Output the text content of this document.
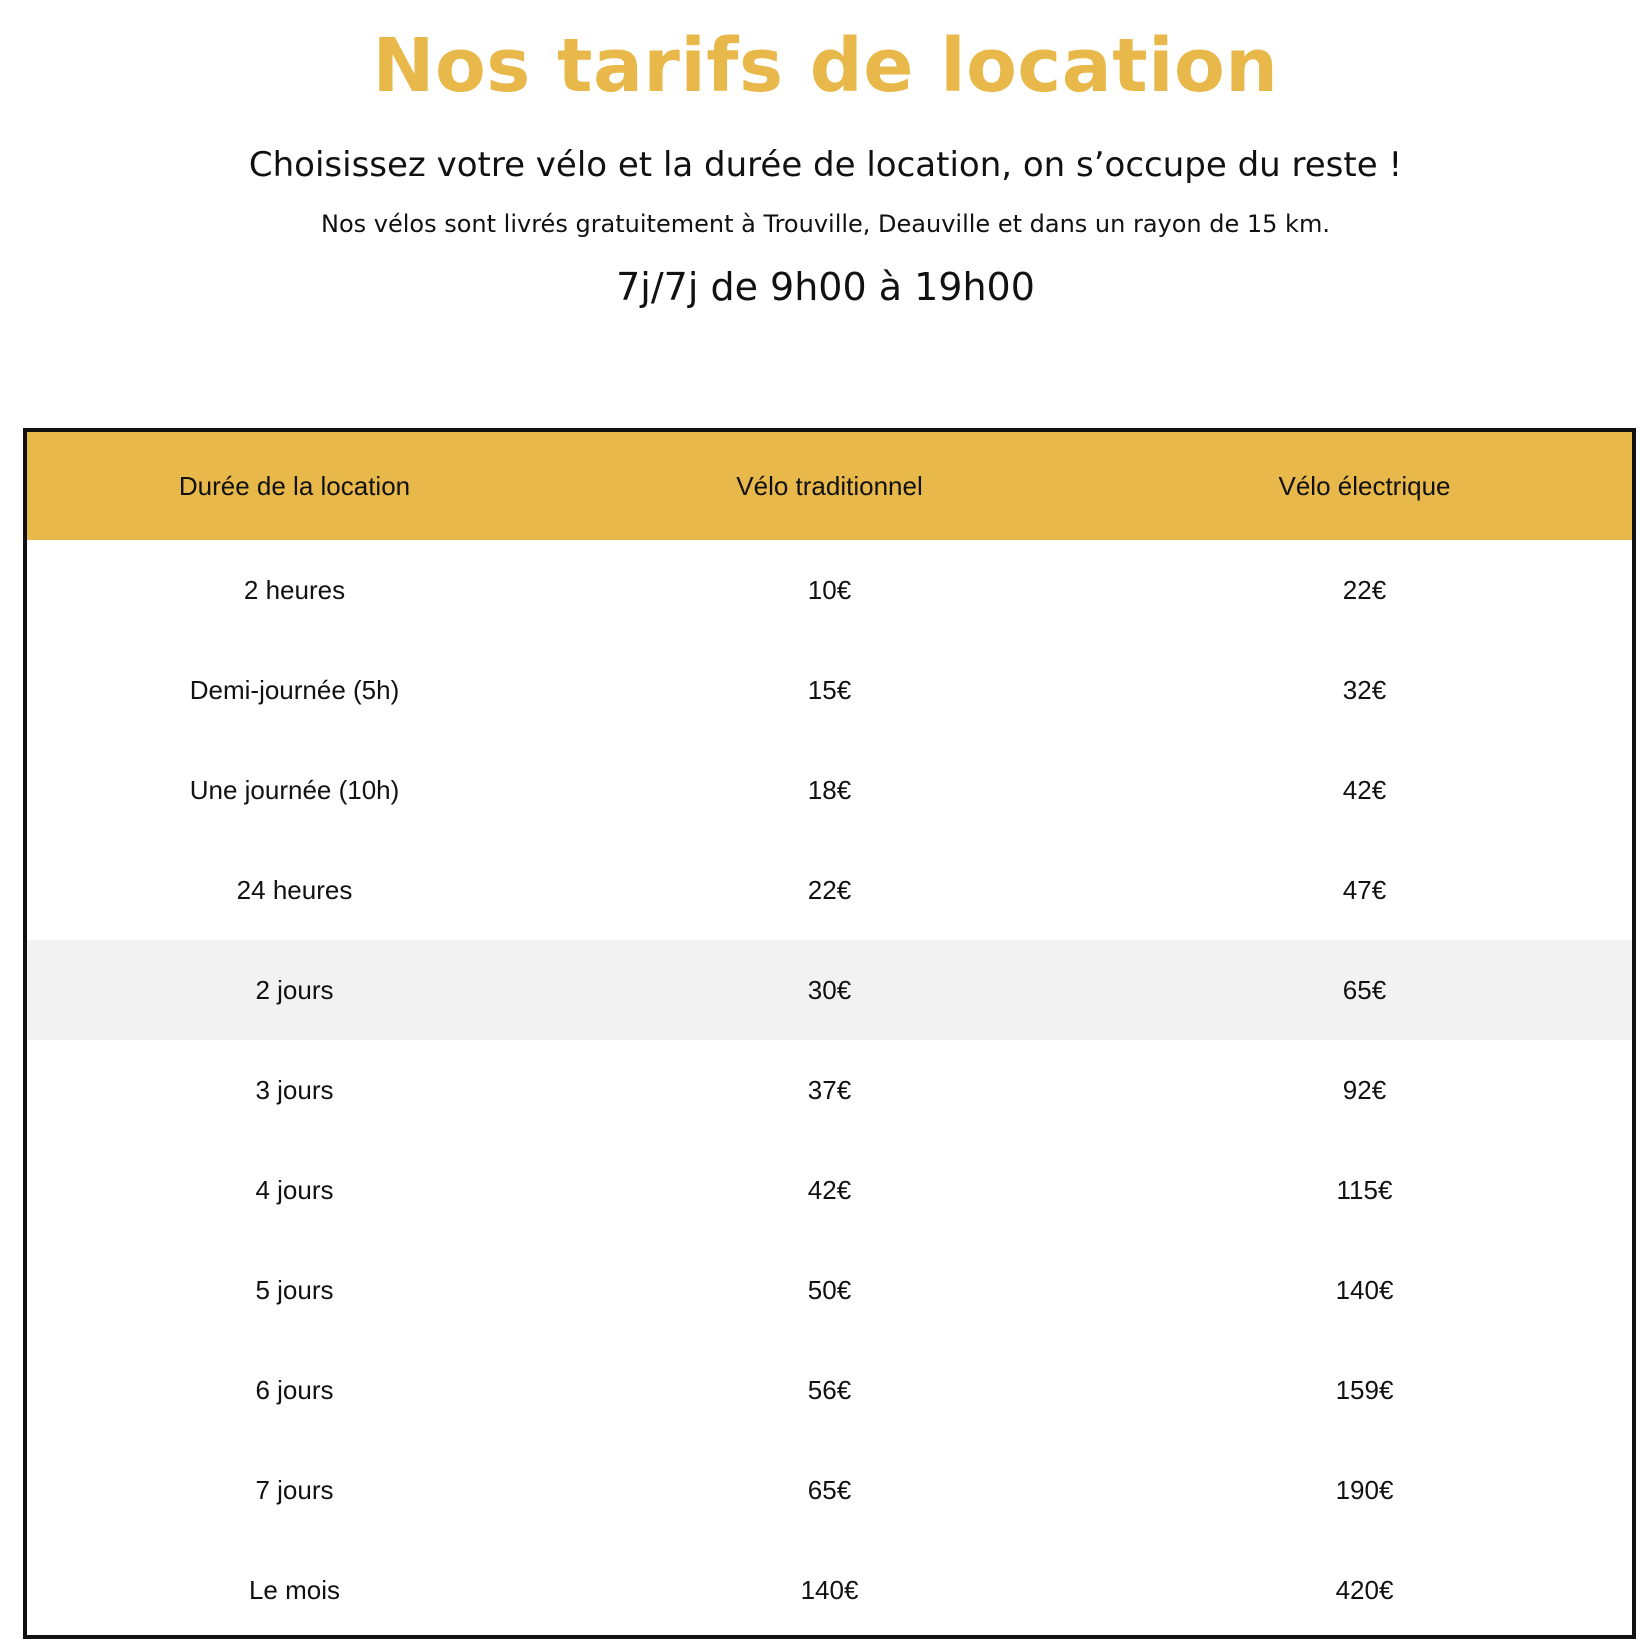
Nos tarifs de location

Choisissez votre vélo et la durée de location, on s’occupe du reste !

Nos vélos sont livrés gratuitement à Trouville, Deauville et dans un rayon de 15 km.

7j/7j de 9h00 à 19h00

Durée de la location	Vélo traditionnel	Vélo électrique
2 heures	10€	22€
Demi-journée (5h)	15€	32€
Une journée (10h)	18€	42€
24 heures	22€	47€
2 jours	30€	65€
3 jours	37€	92€
4 jours	42€	115€
5 jours	50€	140€
6 jours	56€	159€
7 jours	65€	190€
Le mois	140€	420€
